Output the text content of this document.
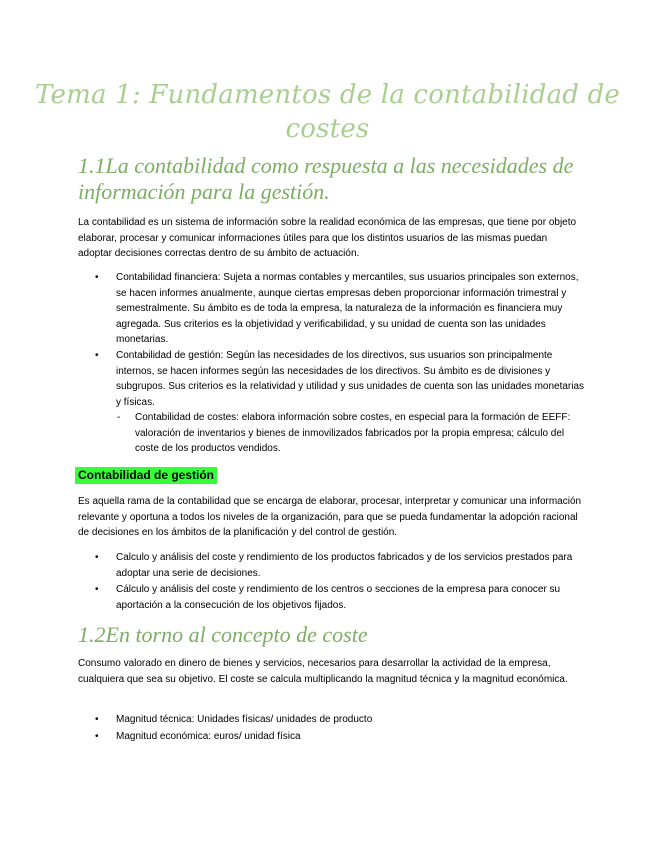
Tema 1: Fundamentos de la contabilidad de
costes
1.1La contabilidad como respuesta a las necesidades de información para la gestión.

La contabilidad es un sistema de información sobre la realidad económica de las empresas, que tiene por objeto elaborar, procesar y comunicar informaciones útiles para que los distintos usuarios de las mismas puedan adoptar decisiones correctas dentro de su ámbito de actuación.

•	Contabilidad financiera: Sujeta a normas contables y mercantiles, sus usuarios principales son externos, se hacen informes anualmente, aunque ciertas empresas deben proporcionar información trimestral y semestralmente. Su ámbito es de toda la empresa, la naturaleza de la información es financiera muy agregada. Sus criterios es la objetividad y verificabilidad, y su unidad de cuenta son las unidades monetarias.
•	Contabilidad de gestión: Según las necesidades de los directivos, sus usuarios son principalmente internos, se hacen informes según las necesidades de los directivos. Su ámbito es de divisiones y subgrupos. Sus criterios es la relatividad y utilidad y sus unidades de cuenta son las unidades monetarias y físicas.
- Contabilidad de costes: elabora información sobre costes, en especial para la formación de EEFF: valoración de inventarios y bienes de inmovilizados fabricados por la propia empresa; cálculo del coste de los productos vendidos.
Contabilidad de gestión

Es aquella rama de la contabilidad que se encarga de elaborar, procesar, interpretar y comunicar una información relevante y oportuna a todos los niveles de la organización, para que se pueda fundamentar la adopción racional de decisiones en los ámbitos de la planificación y del control de gestión.

•	Calculo y análisis del coste y rendimiento de los productos fabricados y de los servicios prestados para adoptar una serie de decisiones.
•	Cálculo y análisis del coste y rendimiento de los centros o secciones de la empresa para conocer su aportación a la consecución de los objetivos fijados.
1.2En torno al concepto de coste

Consumo valorado en dinero de bienes y servicios, necesarios para desarrollar la actividad de la empresa, cualquiera que sea su objetivo. El coste se calcula multiplicando la magnitud técnica y la magnitud económica.

•	Magnitud técnica: Unidades físicas/ unidades de producto
•	Magnitud económica: euros/ unidad física
